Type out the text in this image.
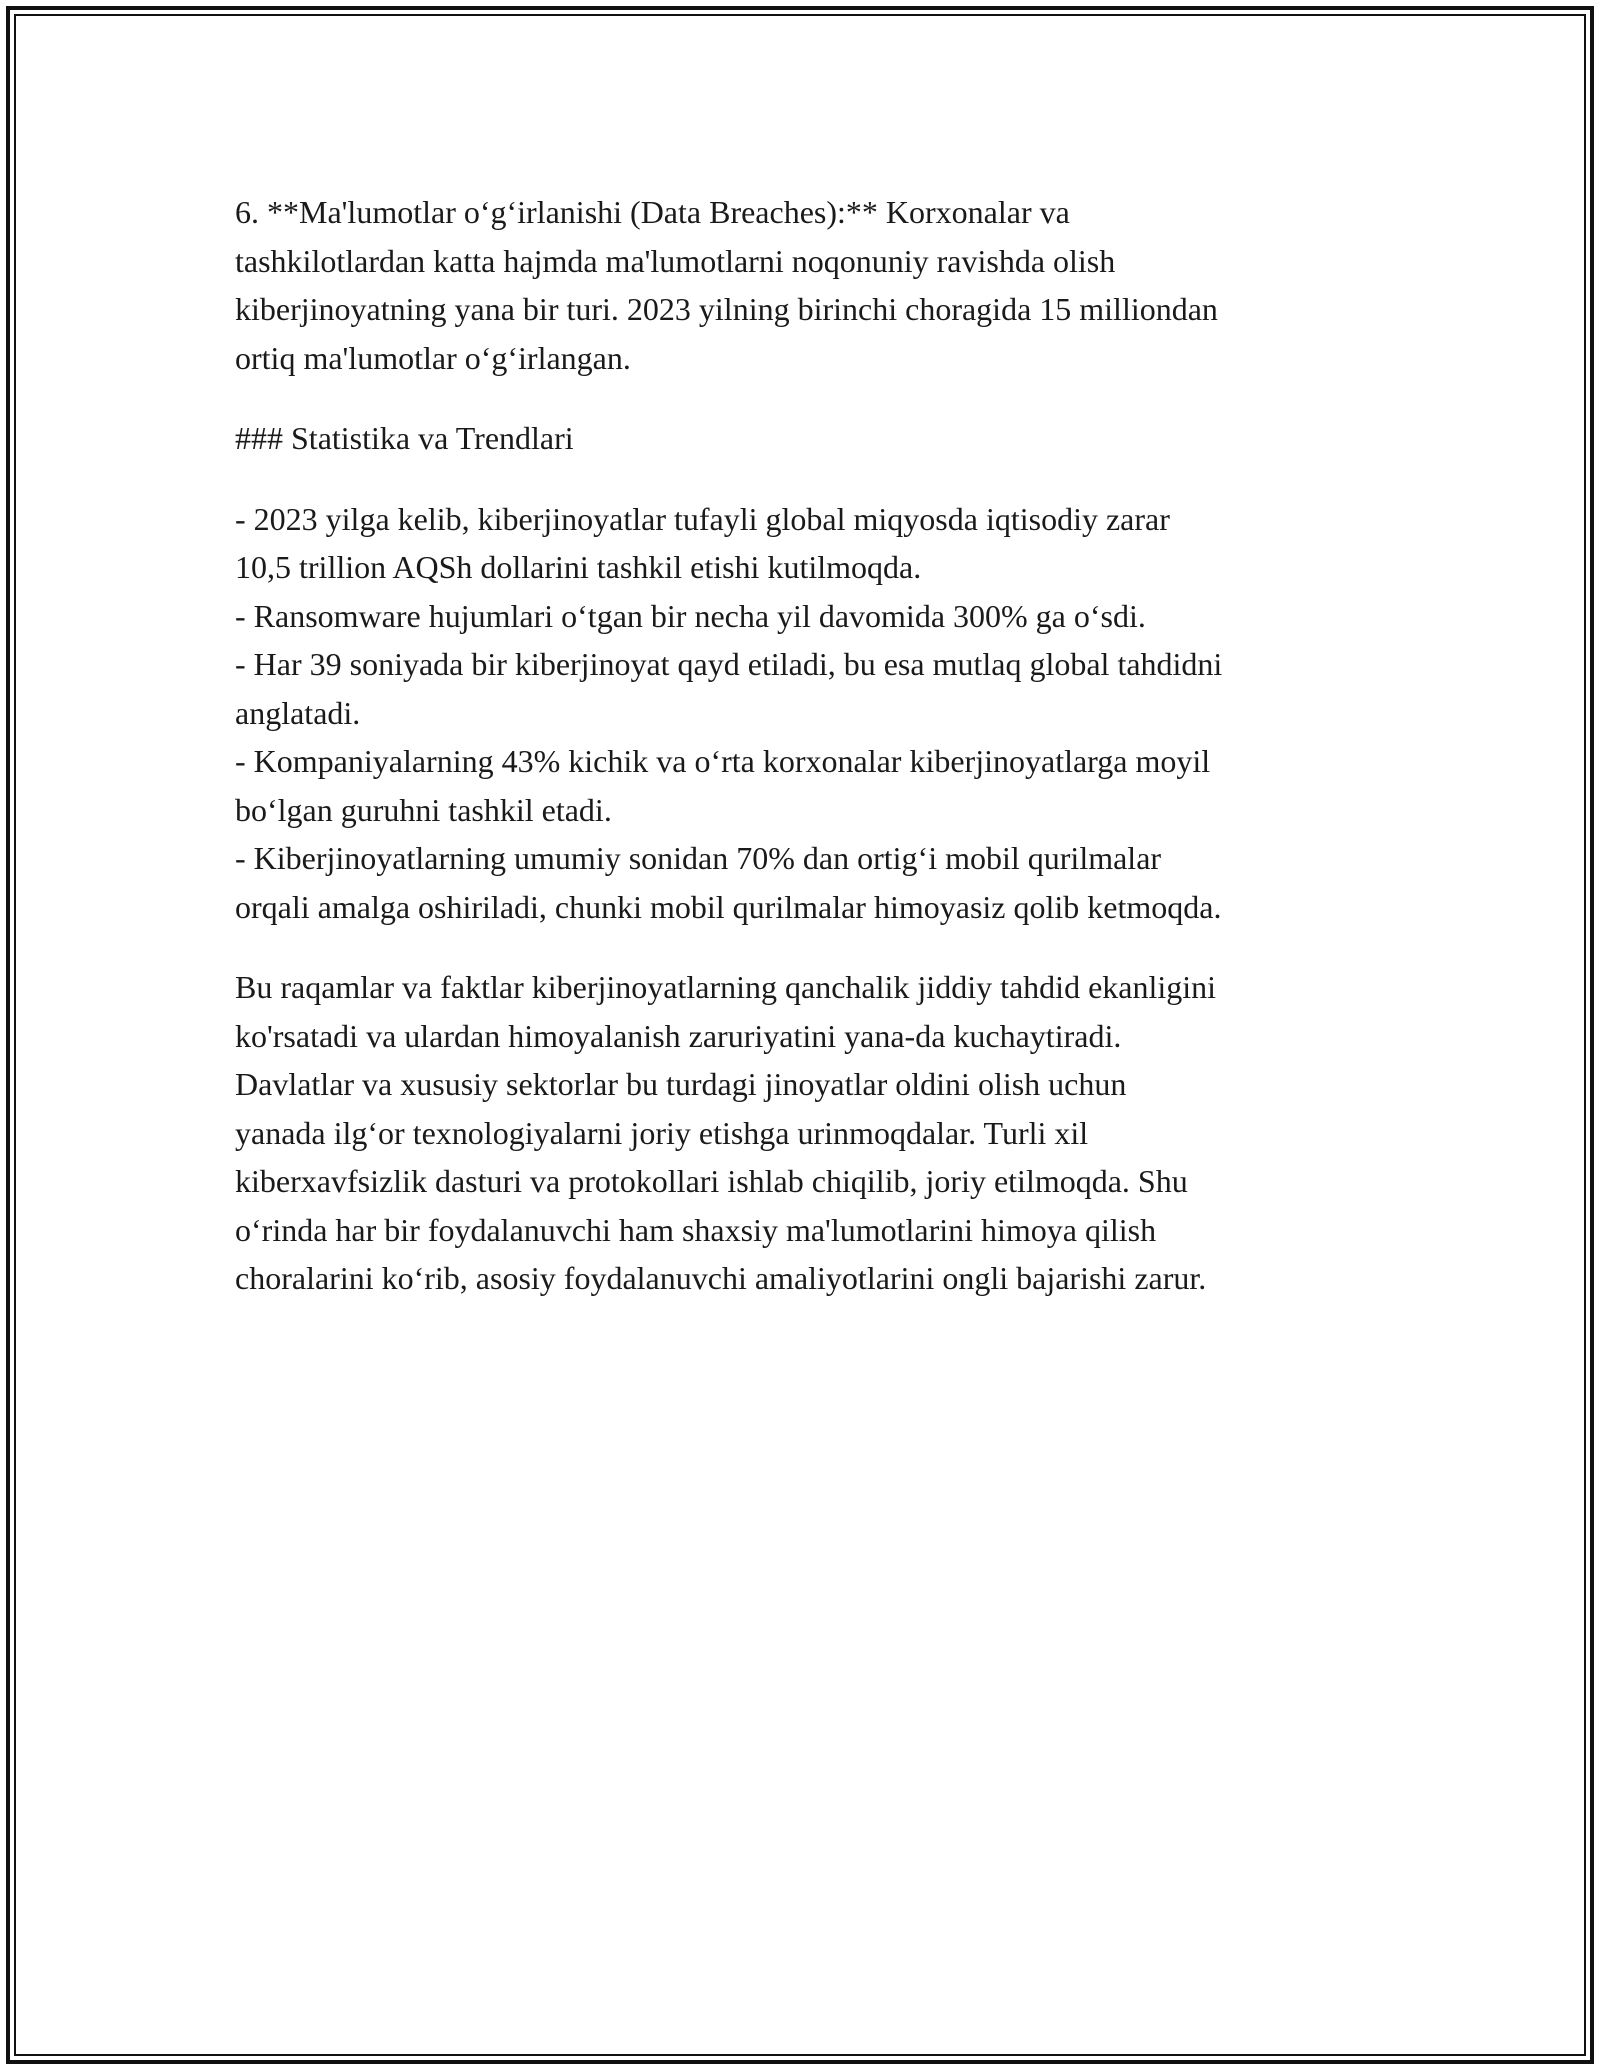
6. **Ma'lumotlar o‘g‘irlanishi (Data Breaches):** Korxonalar va
tashkilotlardan katta hajmda ma'lumotlarni noqonuniy ravishda olish
kiberjinoyatning yana bir turi. 2023 yilning birinchi choragida 15 milliondan
ortiq ma'lumotlar o‘g‘irlangan.

### Statistika va Trendlari

- 2023 yilga kelib, kiberjinoyatlar tufayli global miqyosda iqtisodiy zarar
10,5 trillion AQSh dollarini tashkil etishi kutilmoqda.

- Ransomware hujumlari o‘tgan bir necha yil davomida 300% ga o‘sdi.

- Har 39 soniyada bir kiberjinoyat qayd etiladi, bu esa mutlaq global tahdidni
anglatadi.

- Kompaniyalarning 43% kichik va o‘rta korxonalar kiberjinoyatlarga moyil
bo‘lgan guruhni tashkil etadi.

- Kiberjinoyatlarning umumiy sonidan 70% dan ortig‘i mobil qurilmalar
orqali amalga oshiriladi, chunki mobil qurilmalar himoyasiz qolib ketmoqda.

Bu raqamlar va faktlar kiberjinoyatlarning qanchalik jiddiy tahdid ekanligini
ko'rsatadi va ulardan himoyalanish zaruriyatini yana-da kuchaytiradi.
Davlatlar va xususiy sektorlar bu turdagi jinoyatlar oldini olish uchun
yanada ilg‘or texnologiyalarni joriy etishga urinmoqdalar. Turli xil
kiberxavfsizlik dasturi va protokollari ishlab chiqilib, joriy etilmoqda. Shu
o‘rinda har bir foydalanuvchi ham shaxsiy ma'lumotlarini himoya qilish
choralarini ko‘rib, asosiy foydalanuvchi amaliyotlarini ongli bajarishi zarur.
